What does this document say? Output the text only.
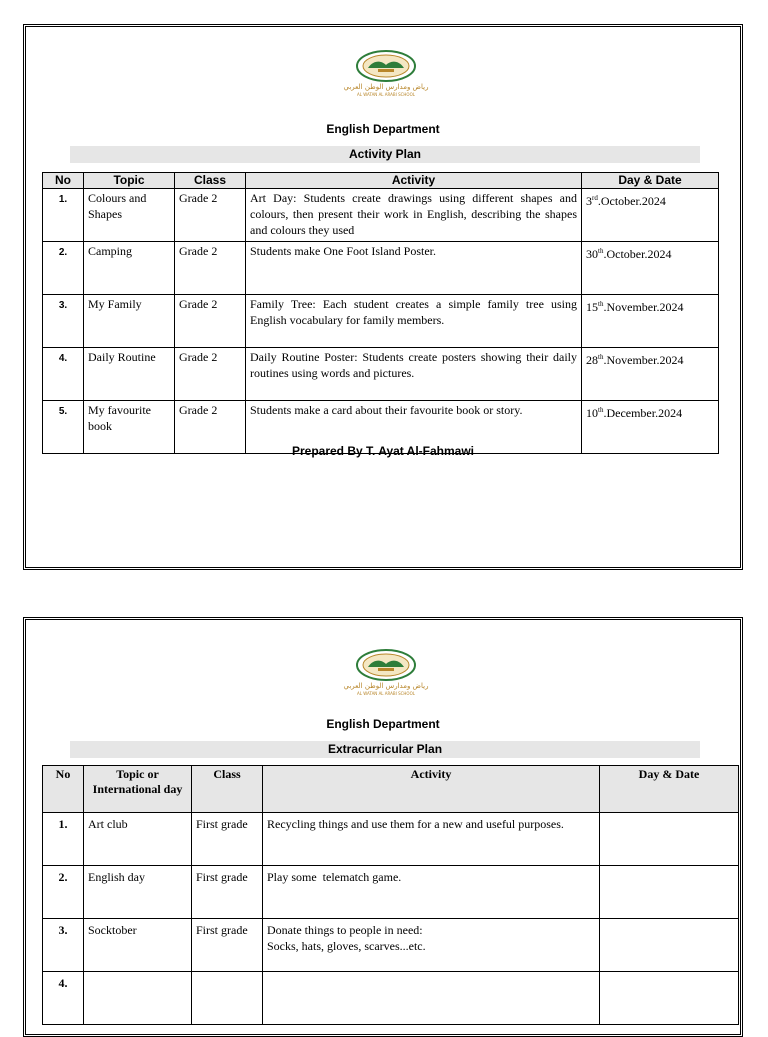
رياض ومدارس الوطن العربي
AL WATAN AL ARABI SCHOOL
English Department
Activity Plan
No	Topic	Class	Activity	Day & Date
1.	Colours and Shapes	Grade 2	Art Day: Students create drawings using different shapes and colours, then present their work in English, describing the shapes and colours they used	3rd.October.2024
2.	Camping	Grade 2	Students make One Foot Island Poster.	30th.October.2024
3.	My Family	Grade 2	Family Tree: Each student creates a simple family tree using English vocabulary for family members.	15th.November.2024
4.	Daily Routine	Grade 2	Daily Routine Poster: Students create posters showing their daily routines using words and pictures.	28th.November.2024
5.	My favourite book	Grade 2	Students make a card about their favourite book or story.	10th.December.2024
Prepared By T. Ayat Al-Fahmawi
رياض ومدارس الوطن العربي
AL WATAN AL ARABI SCHOOL
English Department
Extracurricular Plan
No	Topic or International day	Class	Activity	Day & Date
1.	Art club	First grade	Recycling things and use them for a new and useful purposes.	

2.	English day	First grade	Play some  telematch game.	

3.	Socktober	First grade	Donate things to people in need:
Socks, hats, gloves, scarves...etc.	

4.			
